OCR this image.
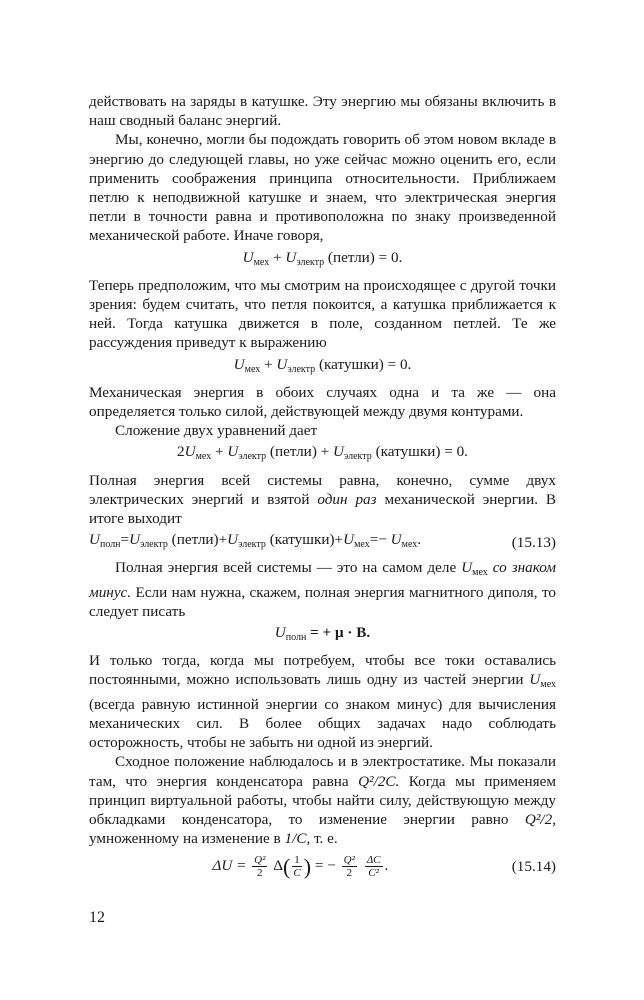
действовать на заряды в катушке. Эту энергию мы обязаны включить в наш сводный баланс энергий.

Мы, конечно, могли бы подождать говорить об этом новом вкладе в энергию до следующей главы, но уже сейчас можно оценить его, если применить соображения принципа относительности. Приближаем петлю к неподвижной катушке и знаем, что электрическая энергия петли в точности равна и противоположна по знаку произведенной механической работе. Иначе говоря,

$U_{мех} + U_{электр}$ (петли) = 0.

Теперь предположим, что мы смотрим на происходящее с другой точки зрения: будем считать, что петля покоится, а катушка приближается к ней. Тогда катушка движется в поле, созданном петлей. Те же рассуждения приведут к выражению

$U_{мех} + U_{электр}$ (катушки) = 0.

Механическая энергия в обоих случаях одна и та же — она определяется только силой, действующей между двумя контурами.

Сложение двух уравнений дает

$2U_{мех} + U_{электр}$ (петли) + $U_{электр}$ (катушки) = 0.

Полная энергия всей системы равна, конечно, сумме двух электрических энергий и взятой один раз механической энергии. В итоге выходит

$U_{полн}=U_{электр}$ $(петли)+U_{электр}$ $(катушки)+U_{мех}=- U_{мех}$.	(15.13)

Полная энергия всей системы — это на самом деле $U_{мех}$ со знаком минус. Если нам нужна, скажем, полная энергия магнитного диполя, то следует писать

$U_{полн}$ = + μ · B.

И только тогда, когда мы потребуем, чтобы все токи оставались постоянными, можно использовать лишь одну из частей энергии $U_{мех}$ (всегда равную истинной энергии со знаком минус) для вычисления механических сил. В более общих задачах надо соблюдать осторожность, чтобы не забыть ни одной из энергий.

Сходное положение наблюдалось и в электростатике. Мы показали там, что энергия конденсатора равна Q²/2C. Когда мы применяем принцип виртуальной работы, чтобы найти силу, действующую между обкладками конденсатора, то изменение энергии равно Q²/2, умноженному на изменение в 1/C, т. е.

$\Delta U = \frac{\text{Q²}}{2} \Delta( \frac{1}{C}$ ) = − $\frac{\text{Q²}}{2}$
$\frac{\Delta C}{\text{C²}}$ .	(15.14)
12
